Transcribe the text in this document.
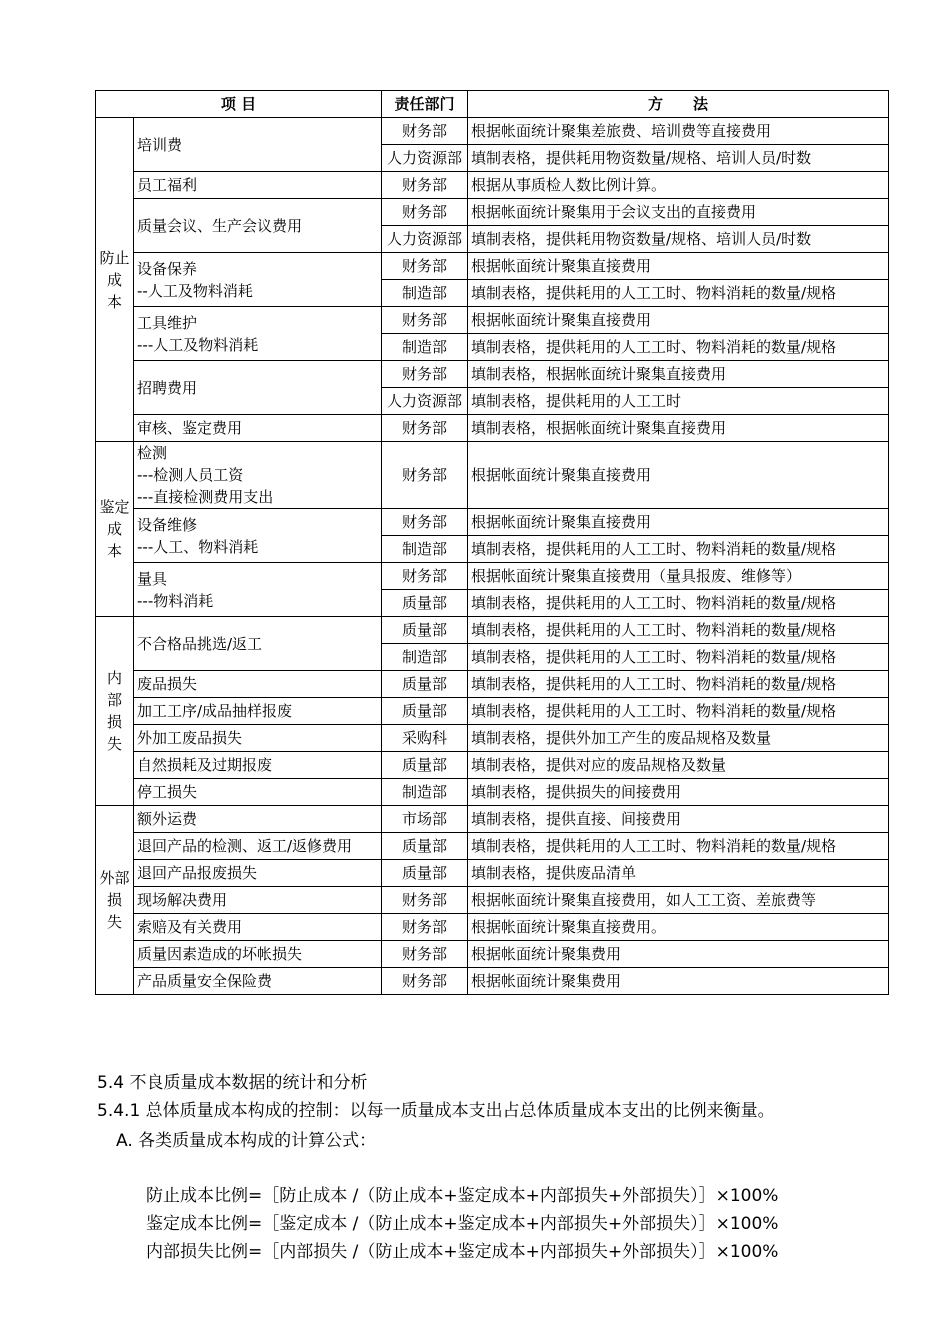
项 目		责任部门	方　　法

防止
成
本	培训费	财务部	根据帐面统计聚集差旅费、培训费等直接费用
		人力资源部	填制表格，提供耗用物资数量/规格、培训人员/时数

	员工福利	财务部	根据从事质检人数比例计算。

	质量会议、生产会议费用	财务部	根据帐面统计聚集用于会议支出的直接费用
		人力资源部	填制表格，提供耗用物资数量/规格、培训人员/时数

	设备保养
--人工及物料消耗	财务部	根据帐面统计聚集直接费用
		制造部	填制表格，提供耗用的人工工时、物料消耗的数量/规格

	工具维护
---人工及物料消耗	财务部	根据帐面统计聚集直接费用
		制造部	填制表格，提供耗用的人工工时、物料消耗的数量/规格

	招聘费用	财务部	填制表格，根据帐面统计聚集直接费用
		人力资源部	填制表格，提供耗用的人工工时

	审核、鉴定费用	财务部	填制表格，根据帐面统计聚集直接费用

鉴定
成
本	检测
---检测人员工资
---直接检测费用支出	财务部	根据帐面统计聚集直接费用

	设备维修
---人工、物料消耗	财务部	根据帐面统计聚集直接费用
		制造部	填制表格，提供耗用的人工工时、物料消耗的数量/规格

	量具
---物料消耗	财务部	根据帐面统计聚集直接费用（量具报废、维修等）
		质量部	填制表格，提供耗用的人工工时、物料消耗的数量/规格

内
部
损
失	不合格品挑选/返工	质量部	填制表格，提供耗用的人工工时、物料消耗的数量/规格
		制造部	填制表格，提供耗用的人工工时、物料消耗的数量/规格

	废品损失	质量部	填制表格，提供耗用的人工工时、物料消耗的数量/规格

	加工工序/成品抽样报废	质量部	填制表格，提供耗用的人工工时、物料消耗的数量/规格

	外加工废品损失	采购科	填制表格，提供外加工产生的废品规格及数量

	自然损耗及过期报废	质量部	填制表格，提供对应的废品规格及数量

	停工损失	制造部	填制表格，提供损失的间接费用

外部
损
失	额外运费	市场部	填制表格，提供直接、间接费用

	退回产品的检测、返工/返修费用	质量部	填制表格，提供耗用的人工工时、物料消耗的数量/规格

	退回产品报废损失	质量部	填制表格，提供废品清单

	现场解决费用	财务部	根据帐面统计聚集直接费用，如人工工资、差旅费等

	索赔及有关费用	财务部	根据帐面统计聚集直接费用。

	质量因素造成的坏帐损失	财务部	根据帐面统计聚集费用

	产品质量安全保险费	财务部	根据帐面统计聚集费用
5.4 不良质量成本数据的统计和分析
5.4.1 总体质量成本构成的控制：以每一质量成本支出占总体质量成本支出的比例来衡量。
A. 各类质量成本构成的计算公式：
防止成本比例=［防止成本 /（防止成本+鉴定成本+内部损失+外部损失）］×100%
鉴定成本比例=［鉴定成本 /（防止成本+鉴定成本+内部损失+外部损失）］×100%
内部损失比例=［内部损失 /（防止成本+鉴定成本+内部损失+外部损失）］×100%
